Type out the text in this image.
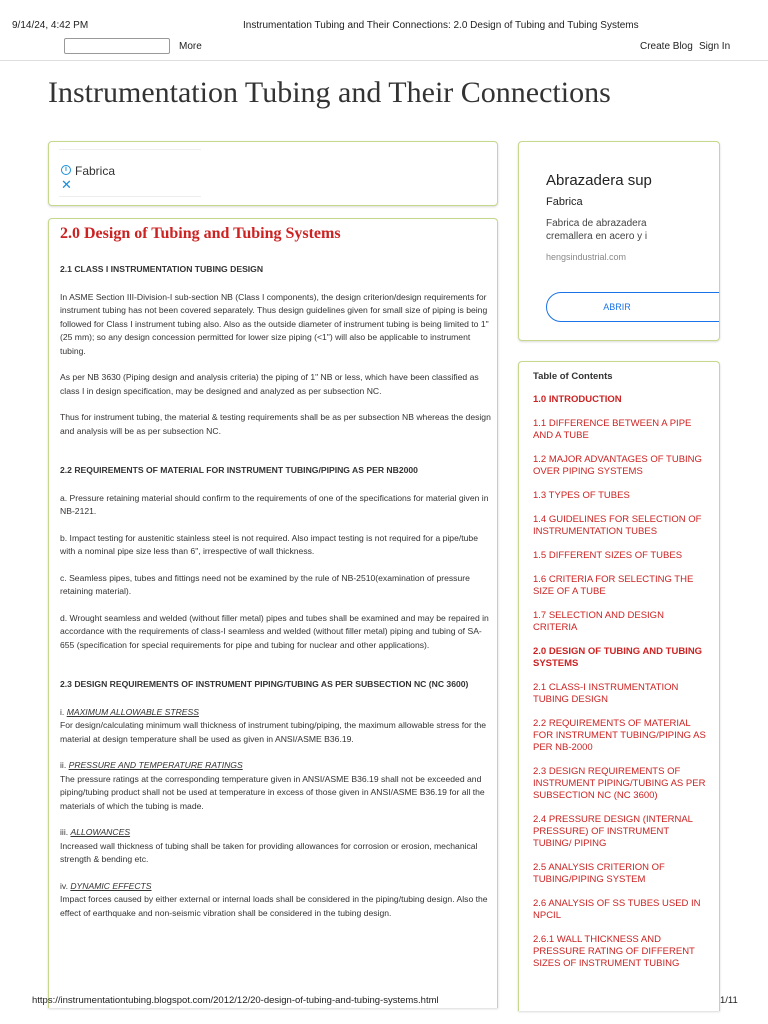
9/14/24, 4:42 PM	Instrumentation Tubing and Their Connections: 2.0 Design of Tubing and Tubing Systems
More	Create Blog Sign In
Instrumentation Tubing and Their Connections
i
✕
Fabrica
2.0 Design of Tubing and Tubing Systems
2.1 CLASS I INSTRUMENTATION TUBING DESIGN

In ASME Section III-Division-I sub-section NB (Class I components), the design criterion/design requirements for instrument tubing has not been covered separately. Thus design guidelines given for small size of piping is being followed for Class I instrument tubing also. Also as the outside diameter of instrument tubing is being limited to 1" (25 mm); so any design concession permitted for lower size piping (<1") will also be applicable to instrument tubing.

As per NB 3630 (Piping design and analysis criteria) the piping of 1" NB or less, which have been classified as class I in design specification, may be designed and analyzed as per subsection NC.

Thus for instrument tubing, the material & testing requirements shall be as per subsection NB whereas the design and analysis will be as per subsection NC.

2.2 REQUIREMENTS OF MATERIAL FOR INSTRUMENT TUBING/PIPING AS PER NB2000

a. Pressure retaining material should confirm to the requirements of one of the specifications for material given in NB-2121.

b. Impact testing for austenitic stainless steel is not required. Also impact testing is not required for a pipe/tube with a nominal pipe size less than 6", irrespective of wall thickness.

c. Seamless pipes, tubes and fittings need not be examined by the rule of NB-2510(examination of pressure retaining material).

d. Wrought seamless and welded (without filler metal) pipes and tubes shall be examined and may be repaired in accordance with the requirements of class-I seamless and welded (without filler metal) piping and tubing of SA-655 (specification for special requirements for pipe and tubing for nuclear and other applications).

2.3 DESIGN REQUIREMENTS OF INSTRUMENT PIPING/TUBING AS PER SUBSECTION NC (NC 3600)

i. MAXIMUM ALLOWABLE STRESS

For design/calculating minimum wall thickness of instrument tubing/piping, the maximum allowable stress for the material at design temperature shall be used as given in ANSI/ASME B36.19.

ii. PRESSURE AND TEMPERATURE RATINGS

The pressure ratings at the corresponding temperature given in ANSI/ASME B36.19 shall not be exceeded and piping/tubing product shall not be used at temperature in excess of those given in ANSI/ASME B36.19 for all the materials of which the tubing is made.

iii. ALLOWANCES

Increased wall thickness of tubing shall be taken for providing allowances for corrosion or erosion, mechanical strength & bending etc.

iv. DYNAMIC EFFECTS

Impact forces caused by either external or internal loads shall be considered in the piping/tubing design. Also the effect of earthquake and non-seismic vibration shall be considered in the tubing design.

Abrazadera sup
Fabrica
Fabrica de abrazadera
cremallera en acero y i
hengsindustrial.com
ABRIR
Table of Contents
1.0 INTRODUCTION
1.1 DIFFERENCE BETWEEN A PIPE AND A TUBE
1.2 MAJOR ADVANTAGES OF TUBING OVER PIPING SYSTEMS
1.3 TYPES OF TUBES
1.4 GUIDELINES FOR SELECTION OF INSTRUMENTATION TUBES
1.5 DIFFERENT SIZES OF TUBES
1.6 CRITERIA FOR SELECTING THE SIZE OF A TUBE
1.7 SELECTION AND DESIGN CRITERIA
2.0 DESIGN OF TUBING AND TUBING SYSTEMS
2.1 CLASS-I INSTRUMENTATION TUBING DESIGN
2.2 REQUIREMENTS OF MATERIAL FOR INSTRUMENT TUBING/PIPING AS PER NB-2000
2.3 DESIGN REQUIREMENTS OF INSTRUMENT PIPING/TUBING AS PER SUBSECTION NC (NC 3600)
2.4 PRESSURE DESIGN (INTERNAL PRESSURE) OF INSTRUMENT TUBING/ PIPING
2.5 ANALYSIS CRITERION OF TUBING/PIPING SYSTEM
2.6 ANALYSIS OF SS TUBES USED IN NPCIL
2.6.1 WALL THICKNESS AND PRESSURE RATING OF DIFFERENT SIZES OF INSTRUMENT TUBING
https://instrumentationtubing.blogspot.com/2012/12/20-design-of-tubing-and-tubing-systems.html	1/11
